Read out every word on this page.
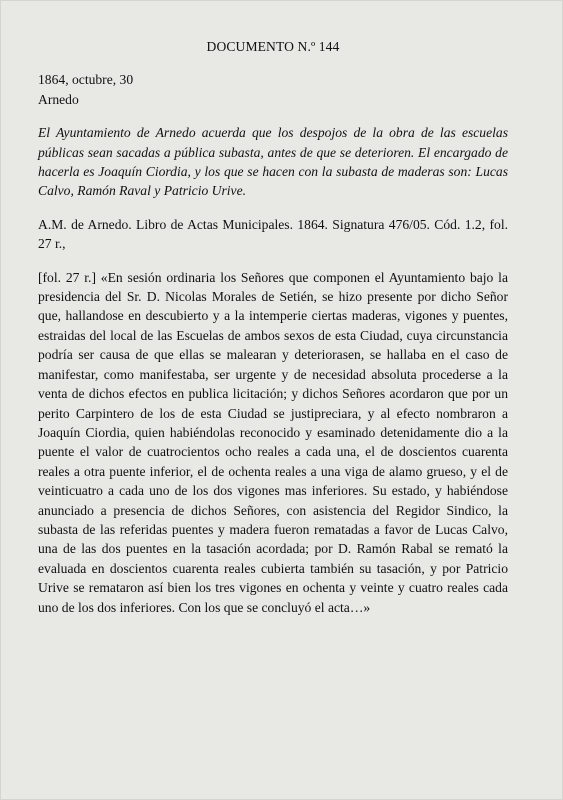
DOCUMENTO N.º 144

1864, octubre, 30

Arnedo

El Ayuntamiento de Arnedo acuerda que los despojos de la obra de las escuelas públicas sean sacadas a pública subasta, antes de que se deterioren. El encargado de hacerla es Joaquín Ciordia, y los que se hacen con la subasta de maderas son: Lucas Calvo, Ramón Raval y Patricio Urive.

A.M. de Arnedo. Libro de Actas Municipales. 1864. Signatura 476/05. Cód. 1.2, fol. 27 r.,

[fol. 27 r.] «En sesión ordinaria los Señores que componen el Ayuntamiento bajo la presidencia del Sr. D. Nicolas Morales de Setién, se hizo presente por dicho Señor que, hallandose en descubierto y a la intemperie ciertas maderas, vigones y puentes, estraidas del local de las Escuelas de ambos sexos de esta Ciudad, cuya circunstancia podría ser causa de que ellas se malearan y deteriorasen, se hallaba en el caso de manifestar, como manifestaba, ser urgente y de necesidad absoluta procederse a la venta de dichos efectos en publica licitación; y dichos Señores acordaron que por un perito Carpintero de los de esta Ciudad se justipreciara, y al efecto nombraron a Joaquín Ciordia, quien habiéndolas reconocido y esaminado detenidamente dio a la puente el valor de cuatrocientos ocho reales a cada una, el de doscientos cuarenta reales a otra puente inferior, el de ochenta reales a una viga de alamo grueso, y el de veinticuatro a cada uno de los dos vigones mas inferiores. Su estado, y habiéndose anunciado a presencia de dichos Señores, con asistencia del Regidor Sindico, la subasta de las referidas puentes y madera fueron rematadas a favor de Lucas Calvo, una de las dos puentes en la tasación acordada; por D. Ramón Rabal se remató la evaluada en doscientos cuarenta reales cubierta también su tasación, y por Patricio Urive se remataron así bien los tres vigones en ochenta y veinte y cuatro reales cada uno de los dos inferiores. Con los que se concluyó el acta…»
